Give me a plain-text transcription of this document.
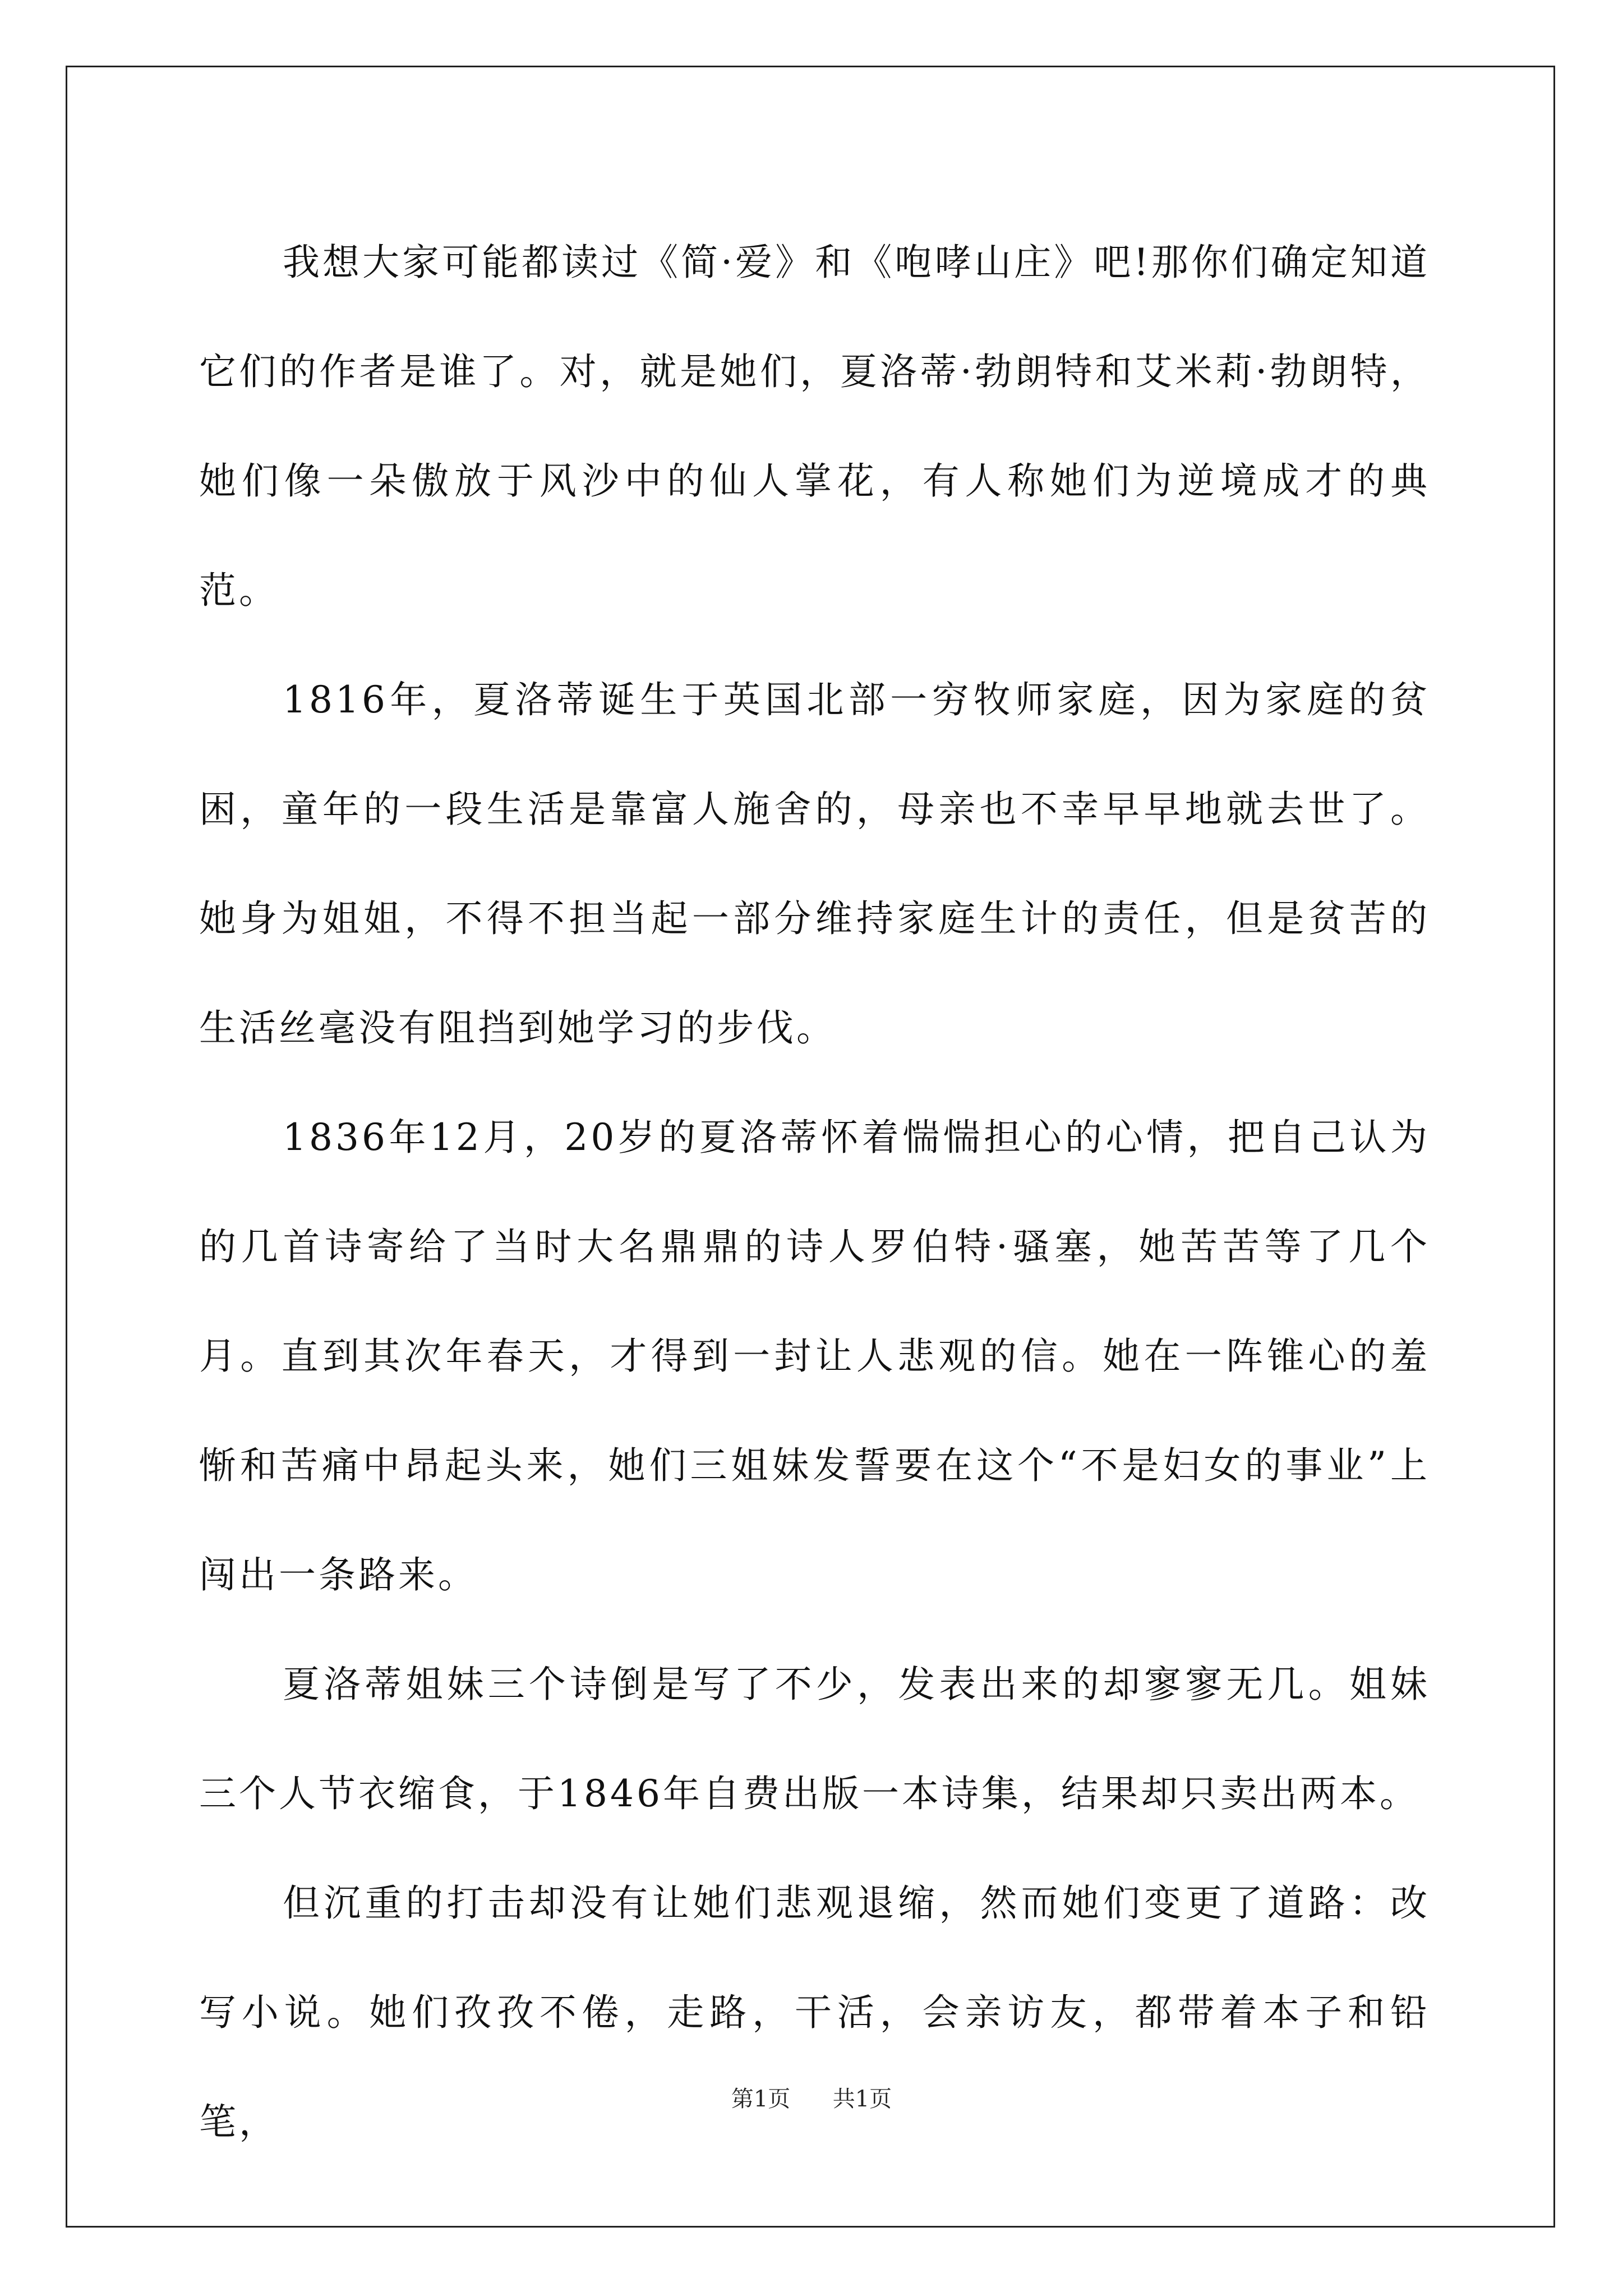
我想大家可能都读过《简·爱》和《咆哮山庄》吧!那你们确定知道它们的作者是谁了。对，就是她们，夏洛蒂·勃朗特和艾米莉·勃朗特，她们像一朵傲放于风沙中的仙人掌花，有人称她们为逆境成才的典范。

1816年，夏洛蒂诞生于英国北部一穷牧师家庭，因为家庭的贫困，童年的一段生活是靠富人施舍的，母亲也不幸早早地就去世了。她身为姐姐，不得不担当起一部分维持家庭生计的责任，但是贫苦的生活丝毫没有阻挡到她学习的步伐。

1836年12月，20岁的夏洛蒂怀着惴惴担心的心情，把自己认为的几首诗寄给了当时大名鼎鼎的诗人罗伯特·骚塞，她苦苦等了几个月。直到其次年春天，才得到一封让人悲观的信。她在一阵锥心的羞惭和苦痛中昂起头来，她们三姐妹发誓要在这个“不是妇女的事业”上闯出一条路来。

夏洛蒂姐妹三个诗倒是写了不少，发表出来的却寥寥无几。姐妹三个人节衣缩食，于1846年自费出版一本诗集，结果却只卖出两本。

但沉重的打击却没有让她们悲观退缩，然而她们变更了道路：改写小说。她们孜孜不倦，走路，干活，会亲访友，都带着本子和铅笔，

第1页 共1页
